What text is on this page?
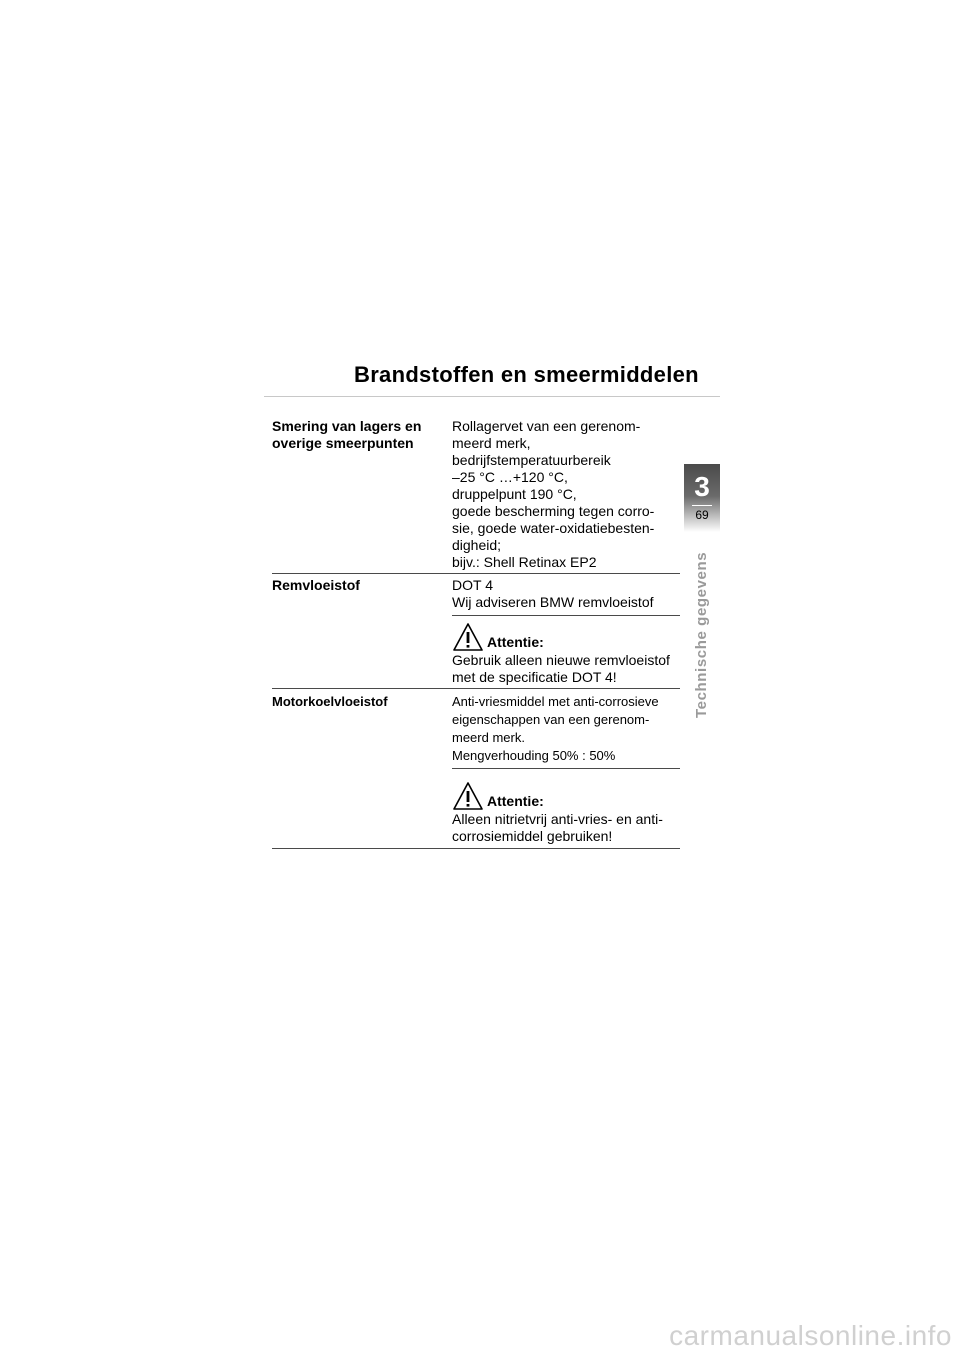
Brandstoffen en smeermiddelen
Smering van lagers en
overige smeerpunten
Rollagervet van een gerenom-
meerd merk,
bedrijfstemperatuurbereik
–25 °C …+120 °C,
druppelpunt 190 °C,
goede bescherming tegen corro-
sie, goede water-oxidatiebesten-
digheid;
bijv.: Shell Retinax EP2
Remvloeistof	DOT 4
Wij adviseren BMW remvloeistof
Attentie:
Gebruik alleen nieuwe remvloeistof
met de specificatie DOT 4!
Motorkoelvloeistof	Anti-vriesmiddel met anti-corrosieve
eigenschappen van een gerenom-
meerd merk.
Mengverhouding 50% : 50%
Attentie:
Alleen nitrietvrij anti-vries- en anti-
corrosiemiddel gebruiken!
3
69
Technische gegevens
carmanualsonline.info
